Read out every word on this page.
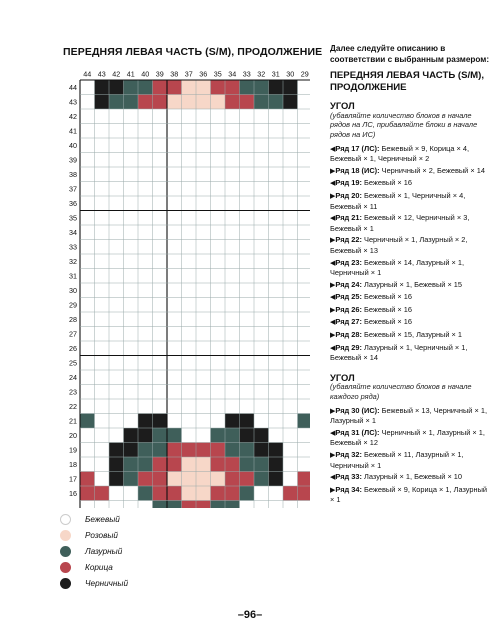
ПЕРЕДНЯЯ ЛЕВАЯ ЧАСТЬ (S/M), ПРОДОЛЖЕНИЕ
44 43 42 41 40 39 38 37 36 35 34 33 32 31 30 29
44
43
42
41
40
39
38
37
36
35
34
33
32
31
30
29
28
27
26
25
24
23
22
21
20
19
18
17
16
Бежевый
Розовый
Лазурный
Корица
Черничный
Далее следуйте описанию в соответствии с выбранным размером:
ПЕРЕДНЯЯ ЛЕВАЯ ЧАСТЬ (S/M), ПРОДОЛЖЕНИЕ
УГОЛ
(убавляйте количество блоков в начале рядов на ЛС, прибавляйте блоки в начале рядов на ИС)
◀Ряд 17 (ЛС): Бежевый × 9, Корица × 4, Бежевый × 1, Черничный × 2
▶Ряд 18 (ИС): Черничный × 2, Бежевый × 14
◀Ряд 19: Бежевый × 16
▶Ряд 20: Бежевый × 1, Черничный × 4, Бежевый × 11
◀Ряд 21: Бежевый × 12, Черничный × 3, Бежевый × 1
▶Ряд 22: Черничный × 1, Лазурный × 2, Бежевый × 13
◀Ряд 23: Бежевый × 14, Лазурный × 1, Черничный × 1
▶Ряд 24: Лазурный × 1, Бежевый × 15
◀Ряд 25: Бежевый × 16
▶Ряд 26: Бежевый × 16
◀Ряд 27: Бежевый × 16
▶Ряд 28: Бежевый × 15, Лазурный × 1
◀Ряд 29: Лазурный × 1, Черничный × 1, Бежевый × 14
УГОЛ
(убавляйте количество блоков в начале каждого ряда)
▶Ряд 30 (ИС): Бежевый × 13, Черничный × 1, Лазурный × 1
◀Ряд 31 (ЛС): Черничный × 1, Лазурный × 1, Бежевый × 12
▶Ряд 32: Бежевый × 11, Лазурный × 1, Черничный × 1
◀Ряд 33: Лазурный × 1, Бежевый × 10
▶Ряд 34: Бежевый × 9, Корица × 1, Лазурный × 1
–96–
